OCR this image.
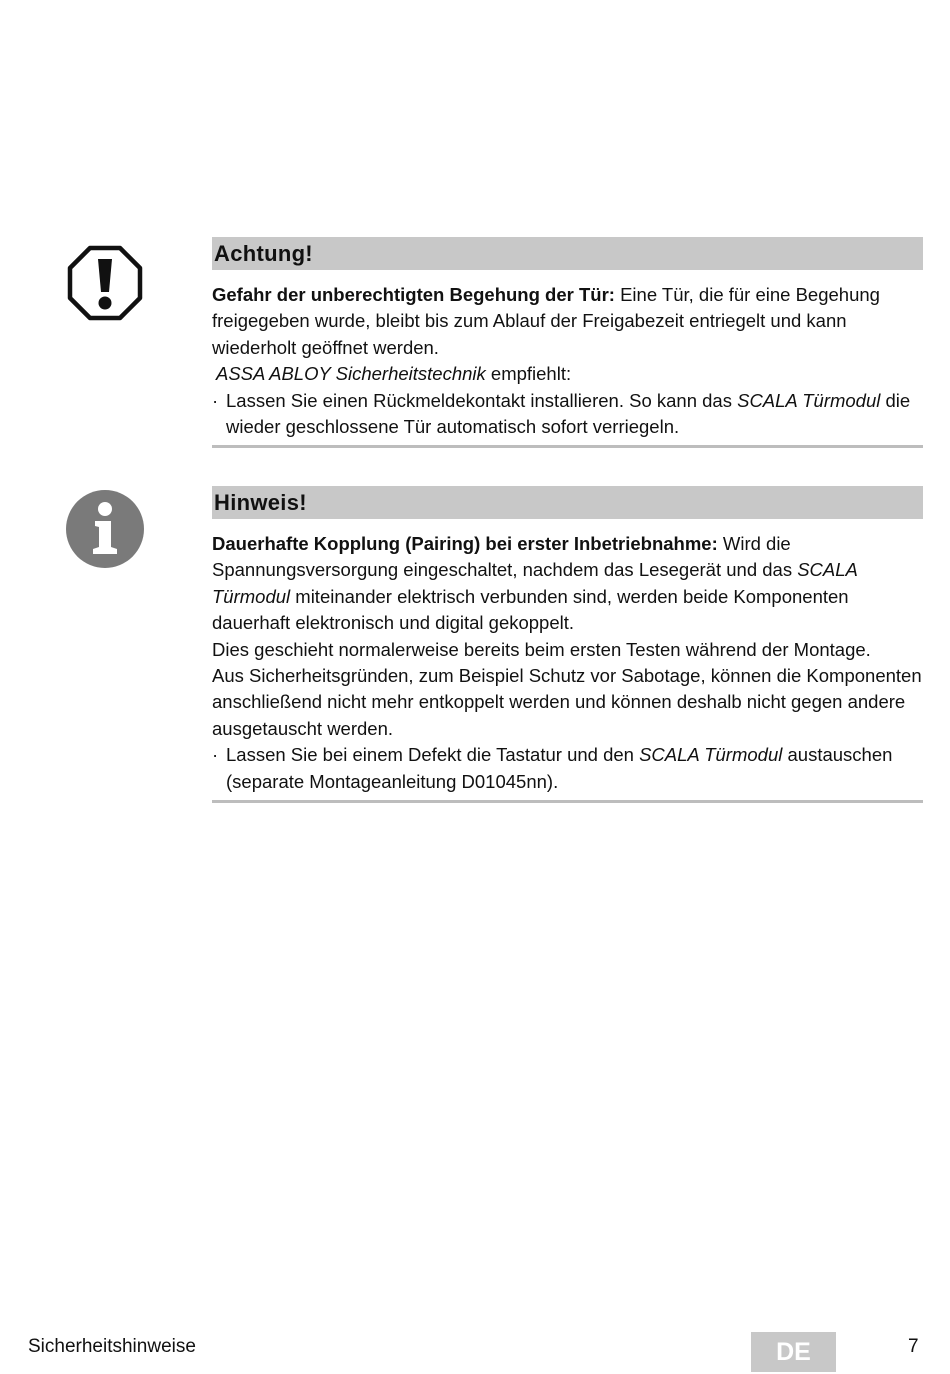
Achtung!

Gefahr der unberechtigten Begehung der Tür: Eine Tür, die für eine Begehung freigegeben wurde, bleibt bis zum Ablauf der Freigabezeit entriegelt und kann wiederholt geöffnet werden.

ASSA ABLOY Sicherheitstechnik empfiehlt:

· Lassen Sie einen Rückmeldekontakt installieren. So kann das SCALA Türmodul die wieder geschlossene Tür automatisch sofort verriegeln.

Hinweis!

Dauerhafte Kopplung (Pairing) bei erster Inbetriebnahme: Wird die Spannungsversorgung eingeschaltet, nachdem das Lesegerät und das SCALA Türmodul miteinander elektrisch verbunden sind, werden beide Komponenten dauerhaft elektronisch und digital gekoppelt.

Dies geschieht normalerweise bereits beim ersten Testen während der Montage.

Aus Sicherheitsgründen, zum Beispiel Schutz vor Sabotage, können die Komponenten anschließend nicht mehr entkoppelt werden und können deshalb nicht gegen andere ausgetauscht werden.

· Lassen Sie bei einem Defekt die Tastatur und den SCALA Türmodul austauschen (separate Montageanleitung D01045nn).

Sicherheitshinweise	DE	7
